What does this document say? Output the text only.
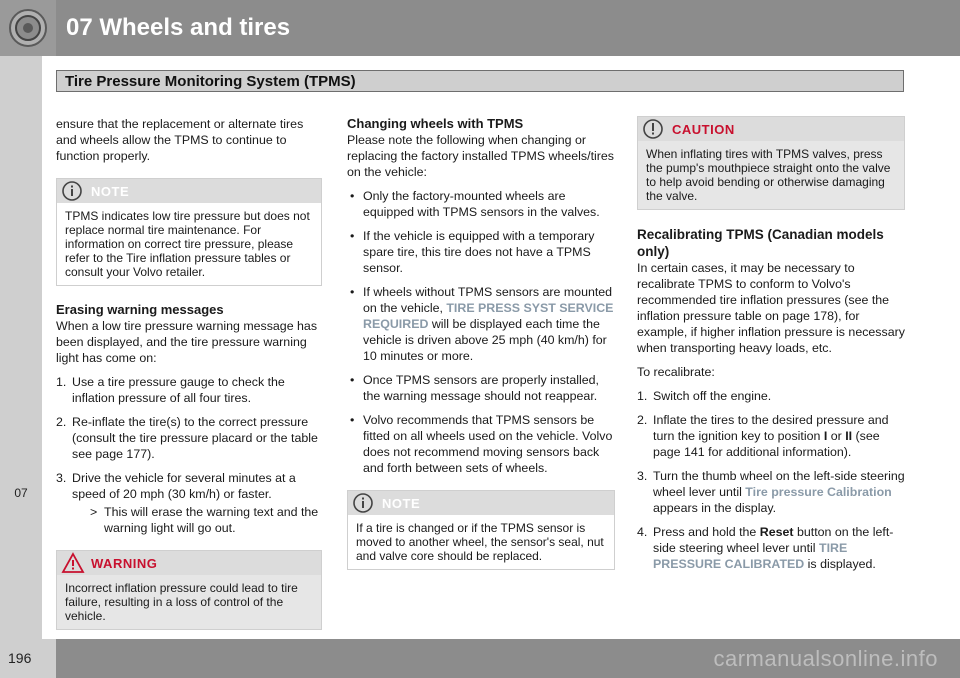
07 Wheels and tires
Tire Pressure Monitoring System (TPMS)
07

ensure that the replacement or alternate tires and wheels allow the TPMS to continue to function properly.

NOTE
TPMS indicates low tire pressure but does not replace normal tire maintenance. For information on correct tire pressure, please refer to the Tire inflation pressure tables or consult your Volvo retailer.
Erasing warning messages

When a low tire pressure warning message has been displayed, and the tire pressure warning light has come on:

1. Use a tire pressure gauge to check the inflation pressure of all four tires.
2. Re-inflate the tire(s) to the correct pressure (consult the tire pressure placard or the table see page 177).
3. Drive the vehicle for several minutes at a speed of 20 mph (30 km/h) or faster.
> This will erase the warning text and the warning light will go out.
WARNING
Incorrect inflation pressure could lead to tire failure, resulting in a loss of control of the vehicle.
Changing wheels with TPMS

Please note the following when changing or replacing the factory installed TPMS wheels/tires on the vehicle:

• Only the factory-mounted wheels are equipped with TPMS sensors in the valves.
• If the vehicle is equipped with a temporary spare tire, this tire does not have a TPMS sensor.
• If wheels without TPMS sensors are mounted on the vehicle, TIRE PRESS SYST SERVICE REQUIRED will be displayed each time the vehicle is driven above 25 mph (40 km/h) for 10 minutes or more.
• Once TPMS sensors are properly installed, the warning message should not reappear.
• Volvo recommends that TPMS sensors be fitted on all wheels used on the vehicle. Volvo does not recommend moving sensors back and forth between sets of wheels.
NOTE
If a tire is changed or if the TPMS sensor is moved to another wheel, the sensor's seal, nut and valve core should be replaced.
CAUTION
When inflating tires with TPMS valves, press the pump's mouthpiece straight onto the valve to help avoid bending or otherwise damaging the valve.
Recalibrating TPMS (Canadian models only)

In certain cases, it may be necessary to recalibrate TPMS to conform to Volvo's recommended tire inflation pressures (see the inflation pressure table on page 178), for example, if higher inflation pressure is necessary when transporting heavy loads, etc.

To recalibrate:

1. Switch off the engine.
2. Inflate the tires to the desired pressure and turn the ignition key to position I or II (see page 141 for additional information).
3. Turn the thumb wheel on the left-side steering wheel lever until Tire pressure Calibration appears in the display.
4. Press and hold the Reset button on the left-side steering wheel lever until TIRE PRESSURE CALIBRATED is displayed.
196	carmanualsonline.info
